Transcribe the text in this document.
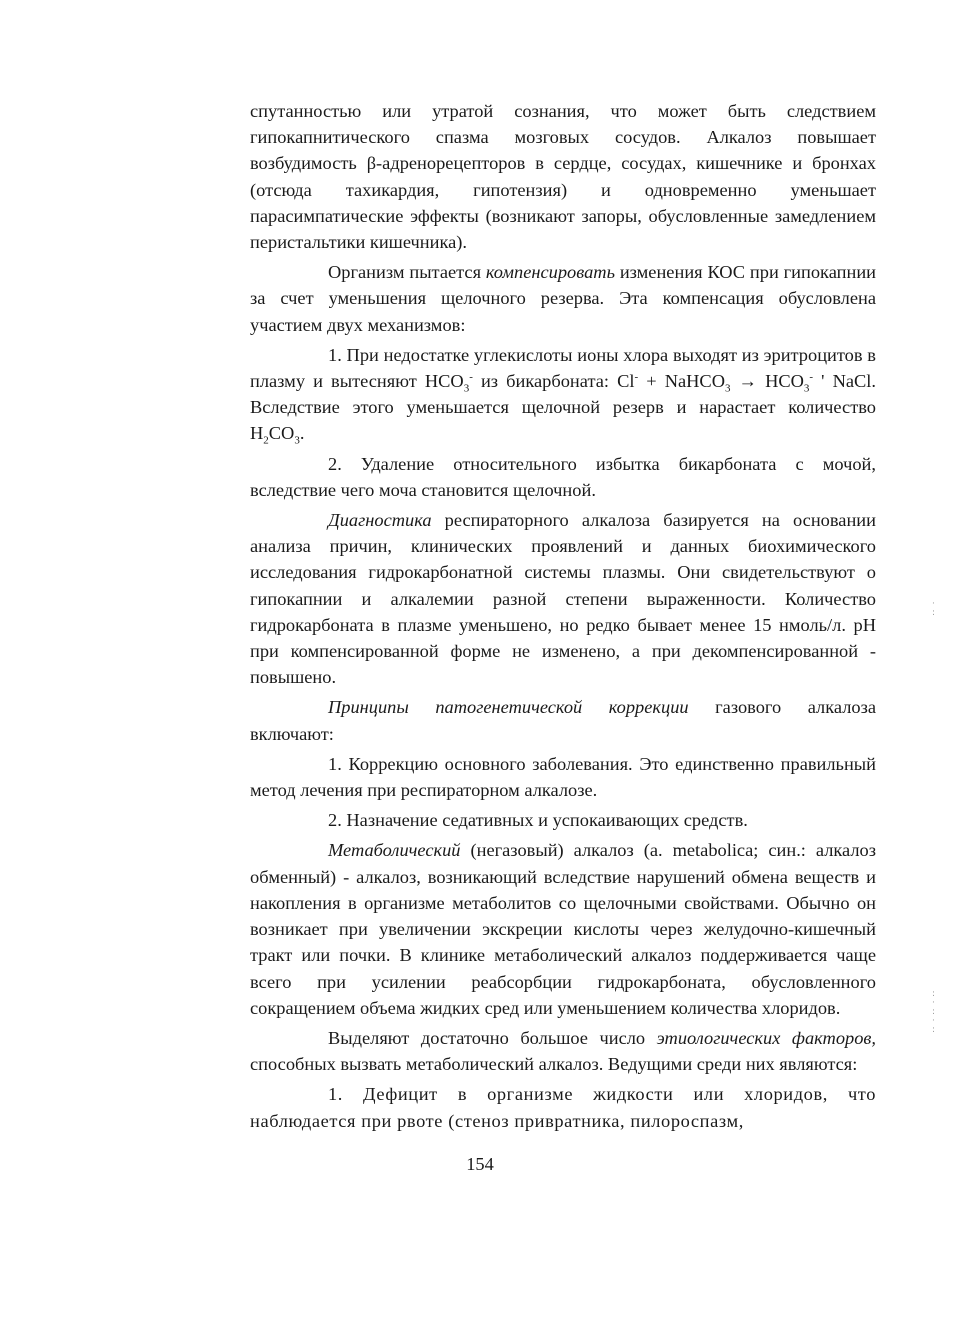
спутанностью или утратой сознания, что может быть следствием гипокапнитического спазма мозговых сосудов. Алкалоз повышает возбудимость β-адренорецепторов в сердце, сосудах, кишечнике и бронхах (отсюда тахикардия, гипотензия) и одновременно уменьшает парасимпатические эффекты (возникают запоры, обусловленные замедлением перистальтики кишечника).

Организм пытается компенсировать изменения КОС при гипокапнии за счет уменьшения щелочного резерва. Эта компенсация обусловлена участием двух механизмов:

1. При недостатке углекислоты ионы хлора выходят из эритроцитов в плазму и вытесняют $HCO_3^-$ из бикарбоната: Cl- + NaHCO$_3$ → $HCO_3^-$ ' NaCl. Вследствие этого уменьшается щелочной резерв и нарастает количество $H_2CO_3$.

2. Удаление относительного избытка бикарбоната с мочой, вследствие чего моча становится щелочной.

Диагностика респираторного алкалоза базируется на основании анализа причин, клинических проявлений и данных биохимического исследования гидрокарбонатной системы плазмы. Они свидетельствуют о гипокапнии и алкалемии разной степени выраженности. Количество гидрокарбоната в плазме уменьшено, но редко бывает менее 15 нмоль/л. pH при компенсированной форме не изменено, а при декомпенсированной - повышено.

Принципы патогенетической коррекции газового алкалоза включают:

1. Коррекцию основного заболевания. Это единственно правильный метод лечения при респираторном алкалозе.

2. Назначение седативных и успокаивающих средств.

Метаболический (негазовый) алкалоз (a. metabolica; син.: алкалоз обменный) - алкалоз, возникающий вследствие нарушений обмена веществ и накопления в организме метаболитов со щелочными свойствами. Обычно он возникает при увеличении экскреции кислоты через желудочно-кишечный тракт или почки. В клинике метаболический алкалоз поддерживается чаще всего при усилении реабсорбции гидрокарбоната, обусловленного сокращением объема жидких сред или уменьшением количества хлоридов.

Выделяют достаточно большое число этиологических факторов, способных вызвать метаболический алкалоз. Ведущими среди них являются:

1. Дефицит в организме жидкости или хлоридов, что наблюдается при рвоте (стеноз привратника, пилороспазм,

154
·
:
:
·
:
·
:
